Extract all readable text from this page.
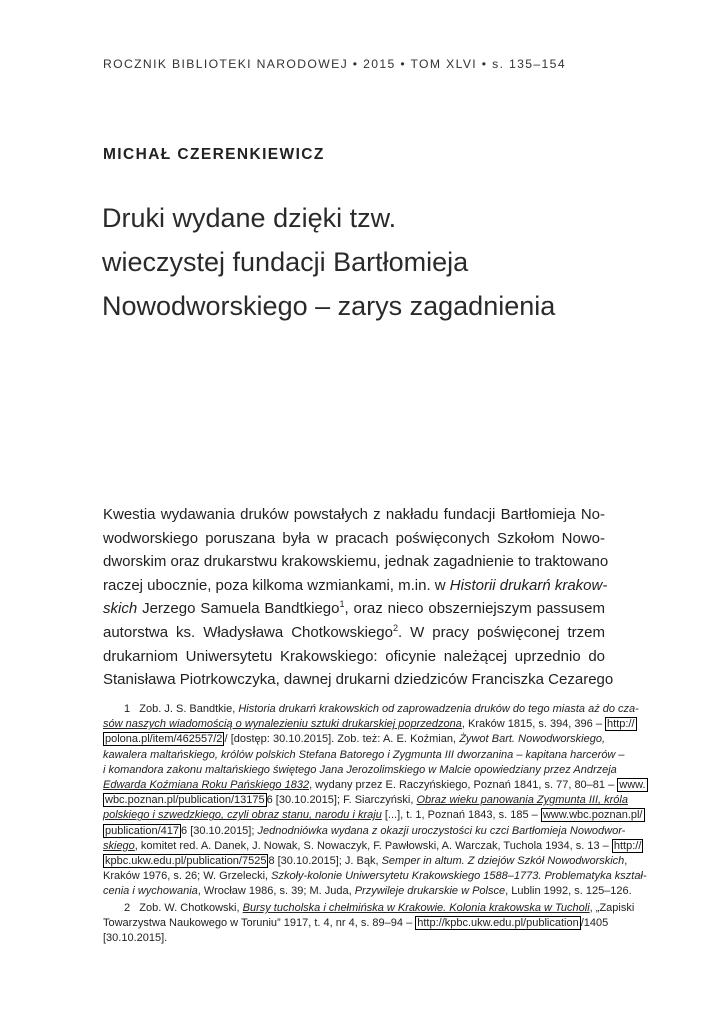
ROCZNIK BIBLIOTEKI NARODOWEJ • 2015 • TOM XLVI • s. 135–154
MICHAŁ CZERENKIEWICZ
Druki wydane dzięki tzw.
wieczystej fundacji Bartłomieja
Nowodworskiego – zarys zagadnienia
Kwestia wydawania druków powstałych z nakładu fundacji Bartłomieja No-
wodworskiego poruszana była w pracach poświęconych Szkołom Nowo-
dworskim oraz drukarstwu krakowskiemu, jednak zagadnienie to traktowano
raczej ubocznie, poza kilkoma wzmiankami, m.in. w Historii drukarń krakow-
skich Jerzego Samuela Bandtkiego$^1$, oraz nieco obszerniejszym passusem
autorstwa ks. Władysława Chotkowskiego$^2$. W pracy poświęconej trzem
drukarniom Uniwersytetu Krakowskiego: oficynie należącej uprzednio do
Stanisława Piotrkowczyka, dawnej drukarni dziedziców Franciszka Cezarego
1 Zob. J. S. Bandtkie, Historia drukarń krakowskich od zaprowadzenia druków do tego miasta aż do cza-
sów naszych wiadomością o wynalezieniu sztuki drukarskiej poprzedzona, Kraków 1815, s. 394, 396 – http://
polona.pl/item/462557/2 / [dostęp: 30.10.2015]. Zob. też: A. E. Koźmian, Żywot Bart. Nowodworskiego,
kawalera maltańskiego, królów polskich Stefana Batorego i Zygmunta III dworzanina – kapitana harcerów –
i komandora zakonu maltańskiego świętego Jana Jerozolimskiego w Malcie opowiedziany przez Andrzeja
Edwarda Koźmiana Roku Pańskiego 1832, wydany przez E. Raczyńskiego, Poznań 1841, s. 77, 80–81 – www.
wbc.poznan.pl/publication/13175 6 [30.10.2015]; F. Siarczyński, Obraz wieku panowania Zygmunta III, króla
polskiego i szwedzkiego, czyli obraz stanu, narodu i kraju [...], t. 1, Poznań 1843, s. 185 – www.wbc.poznan.pl/
publication/417 6 [30.10.2015]; Jednodniówka wydana z okazji uroczystości ku czci Bartłomieja Nowodwor-
skiego, komitet red. A. Danek, J. Nowak, S. Nowaczyk, F. Pawłowski, A. Warczak, Tuchola 1934, s. 13 – http://
kpbc.ukw.edu.pl/publication/7525 8 [30.10.2015]; J. Bąk, Semper in altum. Z dziejów Szkół Nowodworskich,
Kraków 1976, s. 26; W. Grzelecki, Szkoły-kolonie Uniwersytetu Krakowskiego 1588–1773. Problematyka kształ-
cenia i wychowania, Wrocław 1986, s. 39; M. Juda, Przywileje drukarskie w Polsce, Lublin 1992, s. 125–126.
2 Zob. W. Chotkowski, Bursy tucholska i chełmińska w Krakowie. Kolonia krakowska w Tucholi, „Zapiski
Towarzystwa Naukowego w Toruniu” 1917, t. 4, nr 4, s. 89–94 – http://kpbc.ukw.edu.pl/publication /1405
[30.10.2015].
